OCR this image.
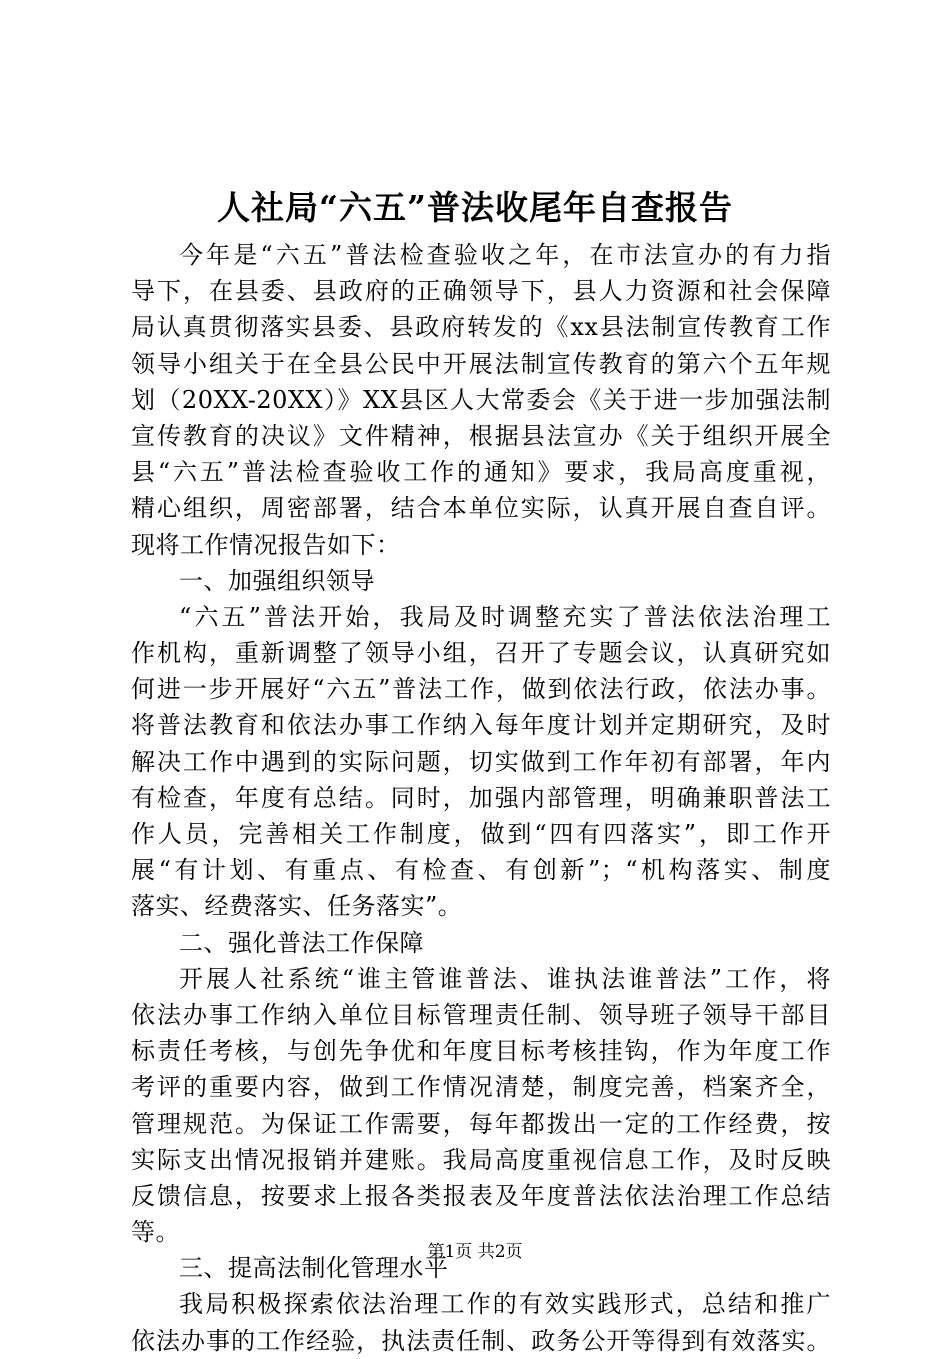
人社局“六五”普法收尾年自查报告
今年是“六五”普法检查验收之年，在市法宣办的有力指
导下，在县委、县政府的正确领导下，县人力资源和社会保障
局认真贯彻落实县委、县政府转发的《xx县法制宣传教育工作
领导小组关于在全县公民中开展法制宣传教育的第六个五年规
划（20XX-20XX）》XX县区人大常委会《关于进一步加强法制
宣传教育的决议》文件精神，根据县法宣办《关于组织开展全
县“六五”普法检查验收工作的通知》要求，我局高度重视，
精心组织，周密部署，结合本单位实际，认真开展自查自评。
现将工作情况报告如下：
一、加强组织领导
“六五”普法开始，我局及时调整充实了普法依法治理工
作机构，重新调整了领导小组，召开了专题会议，认真研究如
何进一步开展好“六五”普法工作，做到依法行政，依法办事。
将普法教育和依法办事工作纳入每年度计划并定期研究，及时
解决工作中遇到的实际问题，切实做到工作年初有部署，年内
有检查，年度有总结。同时，加强内部管理，明确兼职普法工
作人员，完善相关工作制度，做到“四有四落实”，即工作开
展“有计划、有重点、有检查、有创新”；“机构落实、制度
落实、经费落实、任务落实”。
二、强化普法工作保障
开展人社系统“谁主管谁普法、谁执法谁普法”工作，将
依法办事工作纳入单位目标管理责任制、领导班子领导干部目
标责任考核，与创先争优和年度目标考核挂钩，作为年度工作
考评的重要内容，做到工作情况清楚，制度完善，档案齐全，
管理规范。为保证工作需要，每年都拨出一定的工作经费，按
实际支出情况报销并建账。我局高度重视信息工作，及时反映
反馈信息，按要求上报各类报表及年度普法依法治理工作总结
等。
三、提高法制化管理水平
我局积极探索依法治理工作的有效实践形式，总结和推广
依法办事的工作经验，执法责任制、政务公开等得到有效落实。
第1页 共2页
